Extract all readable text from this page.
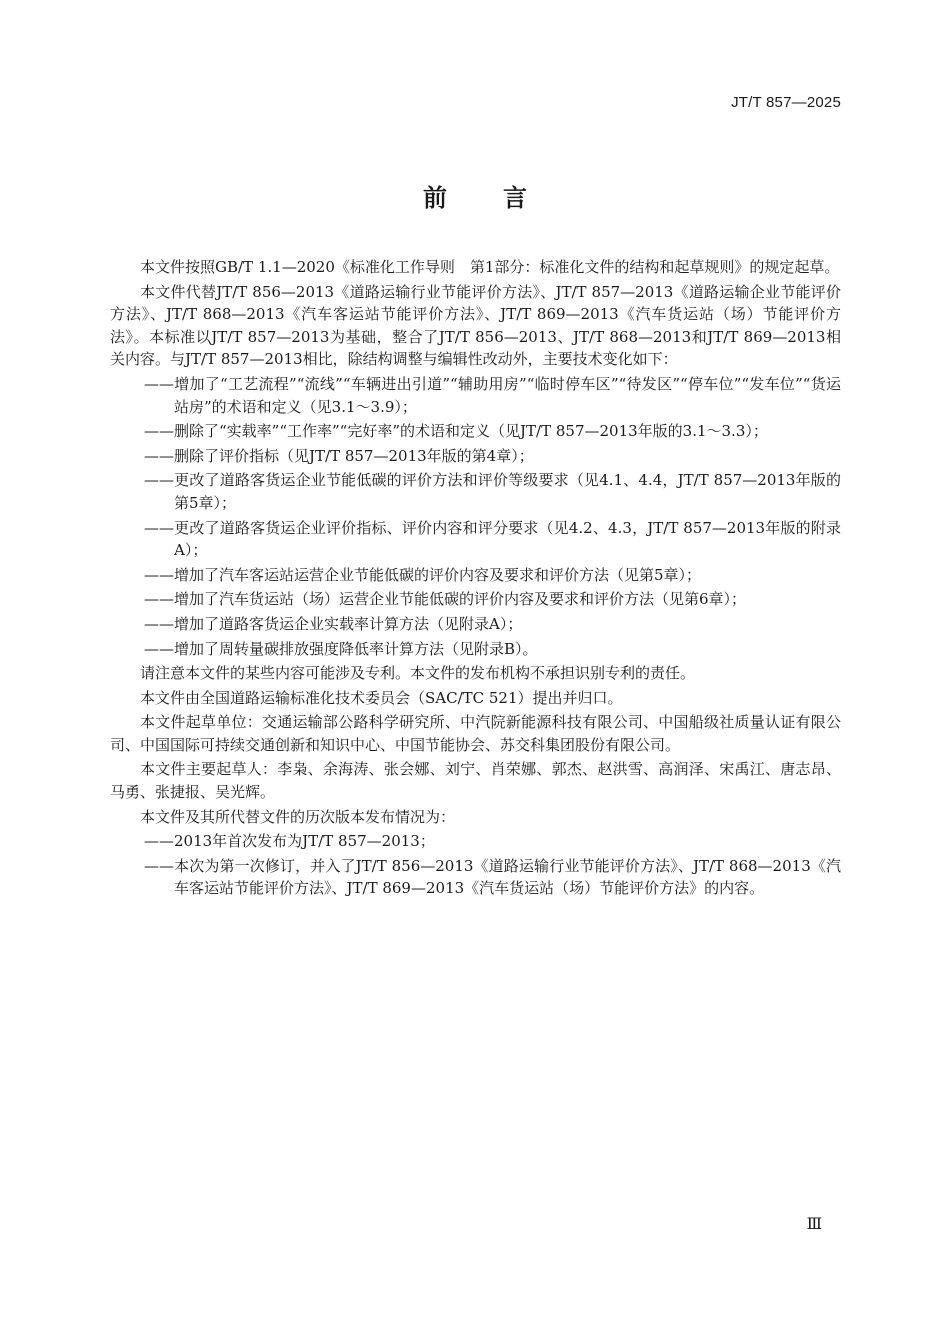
JT/T 857—2025
前言

本文件按照GB/T 1.1—2020《标准化工作导则　第1部分：标准化文件的结构和起草规则》的规定起草。

本文件代替JT/T 856—2013《道路运输行业节能评价方法》、JT/T 857—2013《道路运输企业节能评价方法》、JT/T 868—2013《汽车客运站节能评价方法》、JT/T 869—2013《汽车货运站（场）节能评价方法》。本标准以JT/T 857—2013为基础，整合了JT/T 856—2013、JT/T 868—2013和JT/T 869—2013相关内容。与JT/T 857—2013相比，除结构调整与编辑性改动外，主要技术变化如下：

——增加了“工艺流程”“流线”“车辆进出引道”“辅助用房”“临时停车区”“待发区”“停车位”“发车位”“货运站房”的术语和定义（见3.1～3.9）；

——删除了“实载率”“工作率”“完好率”的术语和定义（见JT/T 857—2013年版的3.1～3.3）；

——删除了评价指标（见JT/T 857—2013年版的第4章）；

——更改了道路客货运企业节能低碳的评价方法和评价等级要求（见4.1、4.4，JT/T 857—2013年版的第5章）；

——更改了道路客货运企业评价指标、评价内容和评分要求（见4.2、4.3，JT/T 857—2013年版的附录A）；

——增加了汽车客运站运营企业节能低碳的评价内容及要求和评价方法（见第5章）；

——增加了汽车货运站（场）运营企业节能低碳的评价内容及要求和评价方法（见第6章）；

——增加了道路客货运企业实载率计算方法（见附录A）；

——增加了周转量碳排放强度降低率计算方法（见附录B）。

请注意本文件的某些内容可能涉及专利。本文件的发布机构不承担识别专利的责任。

本文件由全国道路运输标准化技术委员会（SAC/TC 521）提出并归口。

本文件起草单位：交通运输部公路科学研究所、中汽院新能源科技有限公司、中国船级社质量认证有限公司、中国国际可持续交通创新和知识中心、中国节能协会、苏交科集团股份有限公司。

本文件主要起草人：李枭、余海涛、张会娜、刘宁、肖荣娜、郭杰、赵洪雪、高润泽、宋禹江、唐志昂、马勇、张捷报、吴光辉。

本文件及其所代替文件的历次版本发布情况为：

——2013年首次发布为JT/T 857—2013；

——本次为第一次修订，并入了JT/T 856—2013《道路运输行业节能评价方法》、JT/T 868—2013《汽车客运站节能评价方法》、JT/T 869—2013《汽车货运站（场）节能评价方法》的内容。

Ⅲ
